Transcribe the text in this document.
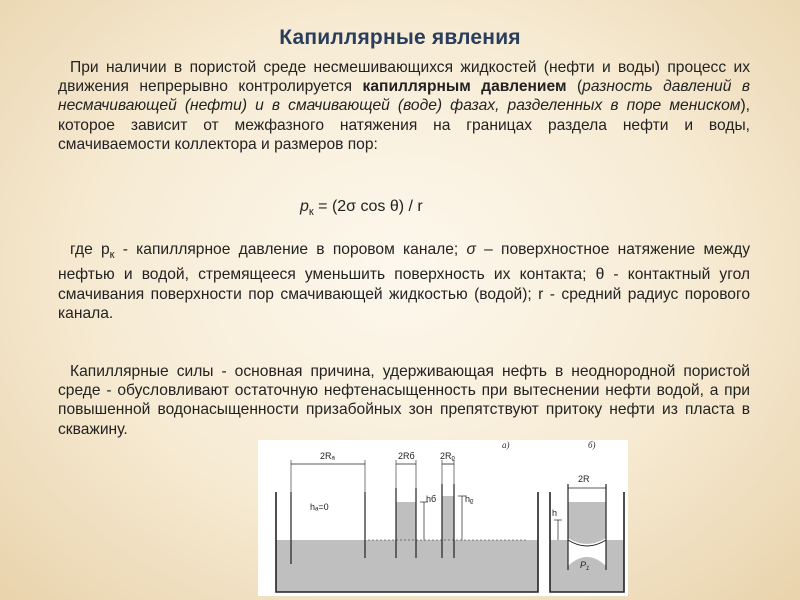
Капиллярные явления
При наличии в пористой среде несмешивающихся жидкостей (нефти и воды) процесс их движения непрерывно контролируется капиллярным давлением (разность давлений в несмачивающей (нефти) и в смачивающей (воде) фазах, разделенных в поре мениском), которое зависит от межфазного натяжения на границах раздела нефти и воды, смачиваемости коллектора и размеров пор:
$p_к = (2\sigma$ cos θ) / r
где $р_к$ - капиллярное давление в поровом канале; σ – поверхностное натяжение между нефтью и водой, стремящееся уменьшить поверхность их контакта; θ - контактный угол смачивания поверхности пор смачивающей жидкостью (водой); r - средний радиус порового канала.
Капиллярные силы - основная причина, удерживающая нефть в неоднородной пористой среде - обусловливают остаточную нефтенасыщенность при вытеснении нефти водой, а при повышенной водонасыщенности призабойных зон препятствуют притоку нефти из пласта в скважину.
2Rₐ	2Rб	2Rᵨ
hₐ=0
hб	hᵨ
а)
2R
h
$P_1$
б)
